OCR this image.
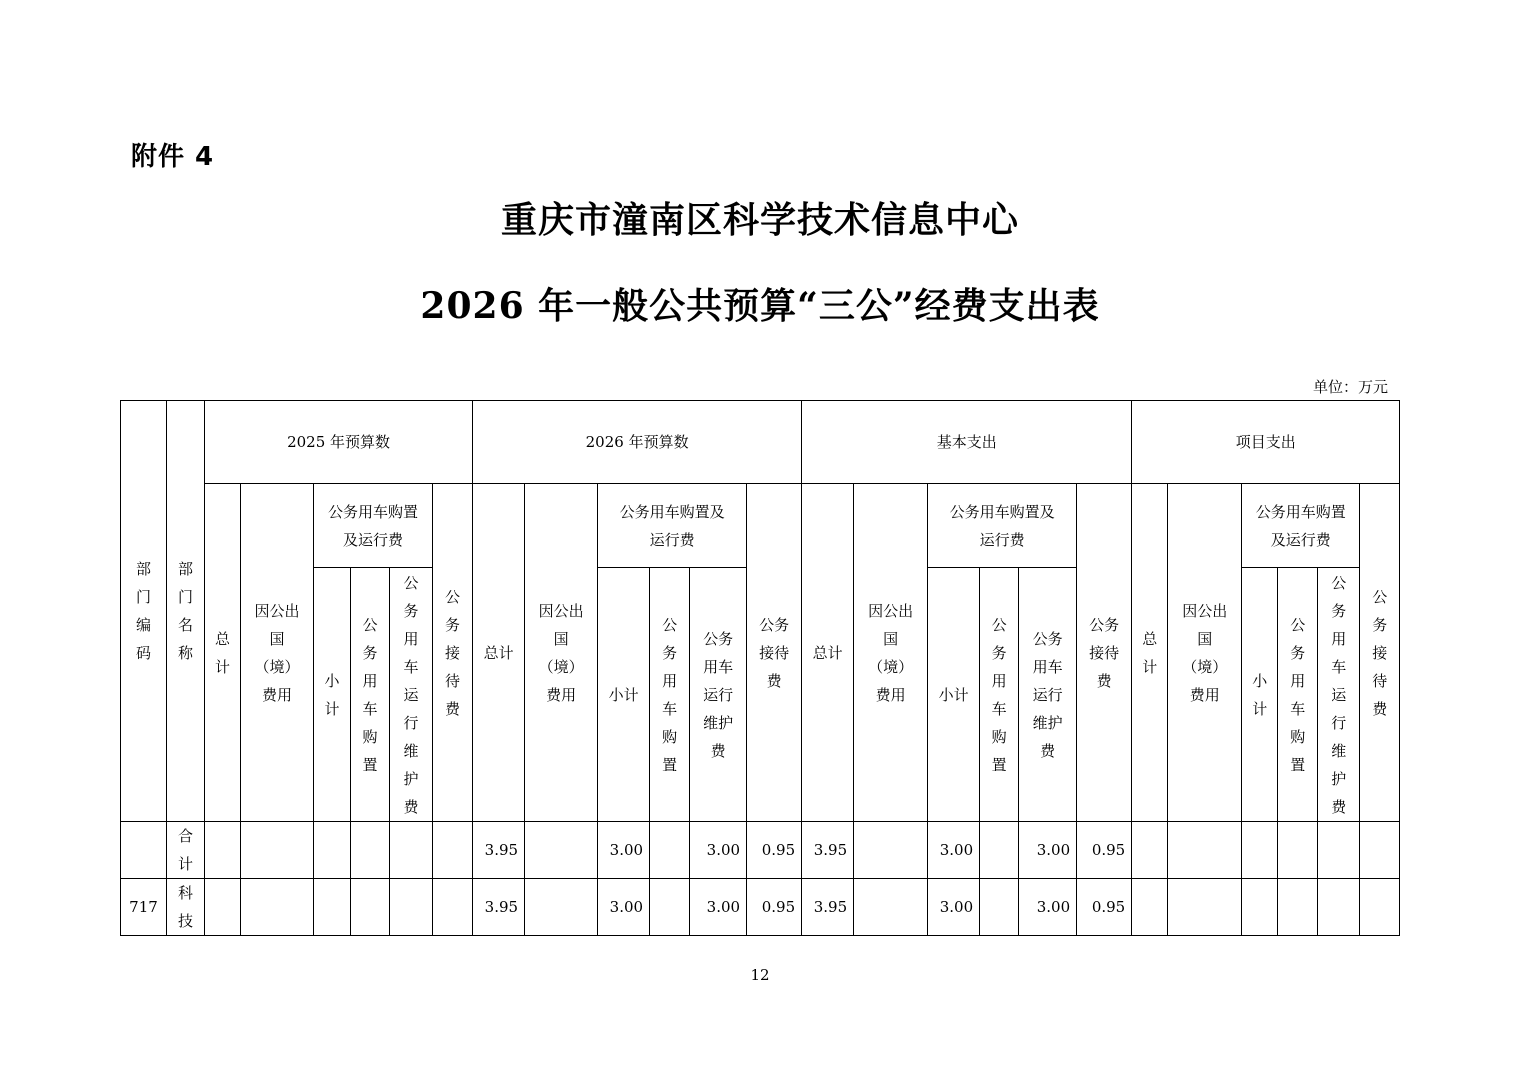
附件 4
重庆市潼南区科学技术信息中心
2026 年一般公共预算“三公”经费支出表
单位：万元
部门编码	部门名称	2025 年预算数						2026 年预算数						基本支出						项目支出					
		总计	因公出国（境）费用	公务用车购置及运行费			公务接待费	总计	因公出国（境）费用	公务用车购置及运行费			公务接待费	总计	因公出国（境）费用	公务用车购置及运行费			公务接待费	总计	因公出国（境）费用	公务用车购置及运行费			公务接待费
				小计	公务用车购置	公务用车运行维护费				小计	公务用车购置	公务用车运行维护费				小计	公务用车购置	公务用车运行维护费				小计	公务用车购置	公务用车运行维护费	
	合计							3.95		3.00		3.00	0.95	3.95		3.00		3.00	0.95						
717	科技							3.95		3.00		3.00	0.95	3.95		3.00		3.00	0.95						
12
